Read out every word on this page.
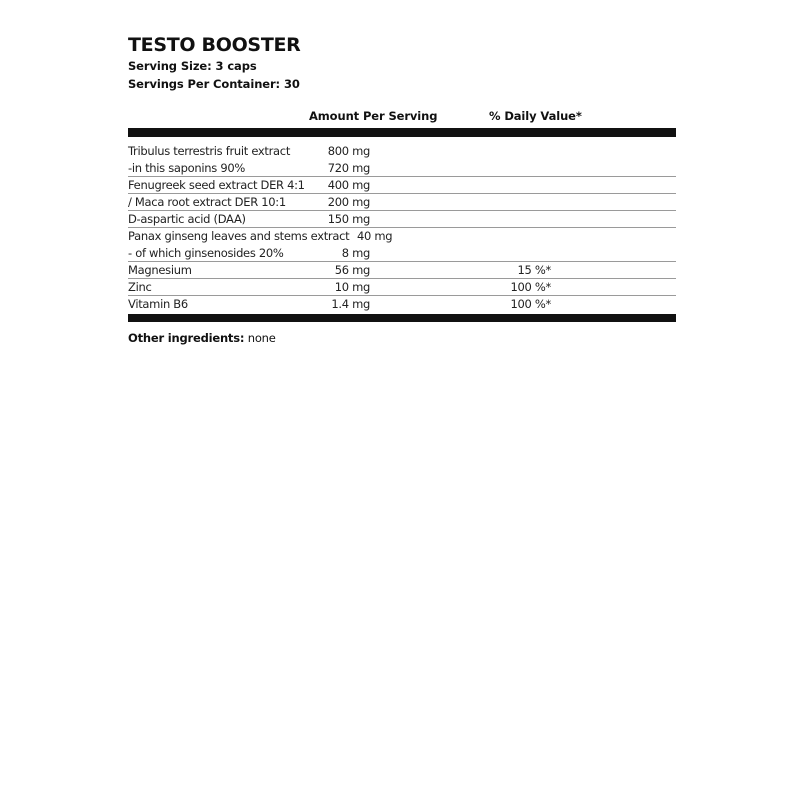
TESTO BOOSTER
Serving Size: 3 caps
Servings Per Container: 30
Amount Per Serving	% Daily Value*
Tribulus terrestris fruit extract	800 mg
-in this saponins 90%	720 mg
Fenugreek seed extract DER 4:1 400 mg
/ Maca root extract DER 10:1	200 mg
D-aspartic acid (DAA)	150 mg
Panax ginseng leaves and stems extract 40 mg
- of which ginsenosides 20%	8 mg
Magnesium	56 mg	15 %*
Zinc	10 mg	100 %*
Vitamin B6	1.4 mg	100 %*
Other ingredients: none
